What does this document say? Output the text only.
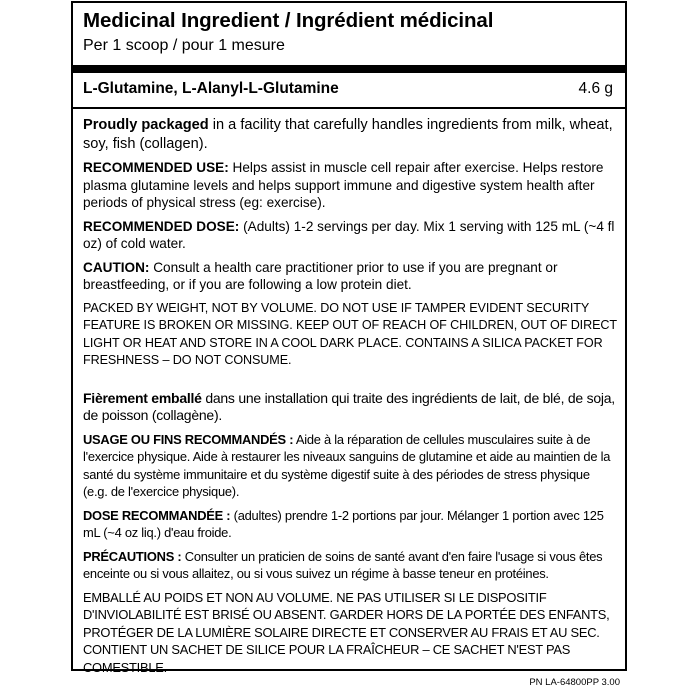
Medicinal Ingredient / Ingrédient médicinal
Per 1 scoop / pour 1 mesure
L-Glutamine, L-Alanyl-L-Glutamine	4.6 g

Proudly packaged in a facility that carefully handles ingredients from milk, wheat, soy, fish (collagen).

RECOMMENDED USE: Helps assist in muscle cell repair after exercise. Helps restore plasma glutamine levels and helps support immune and digestive system health after periods of physical stress (eg: exercise).

RECOMMENDED DOSE: (Adults) 1-2 servings per day. Mix 1 serving with 125 mL (~4 fl oz) of cold water.

CAUTION: Consult a health care practitioner prior to use if you are pregnant or breastfeeding, or if you are following a low protein diet.

PACKED BY WEIGHT, NOT BY VOLUME. DO NOT USE IF TAMPER EVIDENT SECURITY FEATURE IS BROKEN OR MISSING. KEEP OUT OF REACH OF CHILDREN, OUT OF DIRECT LIGHT OR HEAT AND STORE IN A COOL DARK PLACE. CONTAINS A SILICA PACKET FOR FRESHNESS – DO NOT CONSUME.

Fièrement emballé dans une installation qui traite des ingrédients de lait, de blé, de soja, de poisson (collagène).

USAGE OU FINS RECOMMANDÉS : Aide à la réparation de cellules musculaires suite à de l'exercice physique. Aide à restaurer les niveaux sanguins de glutamine et aide au maintien de la santé du système immunitaire et du système digestif suite à des périodes de stress physique (e.g. de l'exercice physique).

DOSE RECOMMANDÉE : (adultes) prendre 1-2 portions par jour. Mélanger 1 portion avec 125 mL (~4 oz liq.) d'eau froide.

PRÉCAUTIONS : Consulter un praticien de soins de santé avant d'en faire l'usage si vous êtes enceinte ou si vous allaitez, ou si vous suivez un régime à basse teneur en protéines.

EMBALLÉ AU POIDS ET NON AU VOLUME. NE PAS UTILISER SI LE DISPOSITIF D'INVIOLABILITÉ EST BRISÉ OU ABSENT. GARDER HORS DE LA PORTÉE DES ENFANTS, PROTÉGER DE LA LUMIÈRE SOLAIRE DIRECTE ET CONSERVER AU FRAIS ET AU SEC. CONTIENT UN SACHET DE SILICE POUR LA FRAÎCHEUR – CE SACHET N'EST PAS COMESTIBLE.

PN LA-64800PP 3.00
